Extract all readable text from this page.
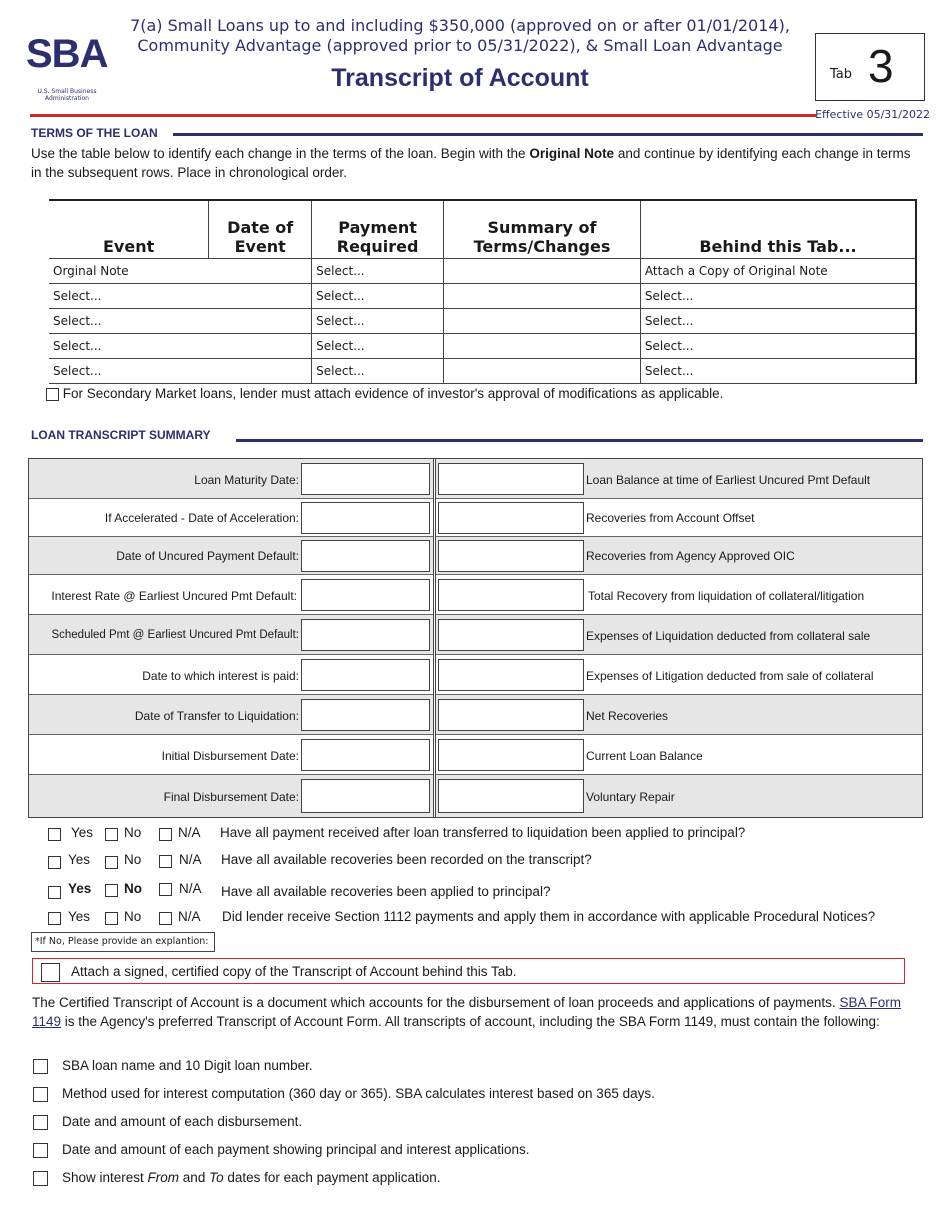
SBA
U.S. Small Business Administration
7(a) Small Loans up to and including $350,000 (approved on or after 01/01/2014),
Community Advantage (approved prior to 05/31/2022), & Small Loan Advantage
Transcript of Account	Tab 3
Effective 05/31/2022
TERMS OF THE LOAN
Use the table below to identify each change in the terms of the loan. Begin with the Original Note and continue by identifying each change in terms in the subsequent rows. Place in chronological order.
Event	Date of Event	Payment Required	Summary of Terms/Changes	Behind this Tab...
Orginal Note		Select...		Attach a Copy of Original Note
Select...		Select...		Select...
Select...		Select...		Select...
Select...		Select...		Select...
Select...		Select...		Select...
For Secondary Market loans, lender must attach evidence of investor's approval of modifications as applicable.
LOAN TRANSCRIPT SUMMARY
Loan Maturity Date:	Loan Balance at time of Earliest Uncured Pmt Default
If Accelerated - Date of Acceleration:	Recoveries from Account Offset
Date of Uncured Payment Default:	Recoveries from Agency Approved OIC
Interest Rate @ Earliest Uncured Pmt Default:	Total Recovery from liquidation of collateral/litigation
Scheduled Pmt @ Earliest Uncured Pmt Default:	Expenses of Liquidation deducted from collateral sale
Date to which interest is paid:	Expenses of Litigation deducted from sale of collateral
Date of Transfer to Liquidation:	Net Recoveries
Initial Disbursement Date:	Current Loan Balance
Final Disbursement Date:	Voluntary Repair
Yes No	N/A Have all payment received after loan transferred to liquidation been applied to principal?
Yes	No	N/A Have all available recoveries been recorded on the transcript?
Yes No	N/A Have all available recoveries been applied to principal?
Yes	No	N/A Did lender receive Section 1112 payments and apply them in accordance with applicable Procedural Notices?
*If No, Please provide an explantion:
Attach a signed, certified copy of the Transcript of Account behind this Tab.
The Certified Transcript of Account is a document which accounts for the disbursement of loan proceeds and applications of payments. SBA Form 1149 is the Agency's preferred Transcript of Account Form. All transcripts of account, including the SBA Form 1149, must contain the following:
SBA loan name and 10 Digit loan number.
Method used for interest computation (360 day or 365). SBA calculates interest based on 365 days.
Date and amount of each disbursement.
Date and amount of each payment showing principal and interest applications.
Show interest From and To dates for each payment application.
